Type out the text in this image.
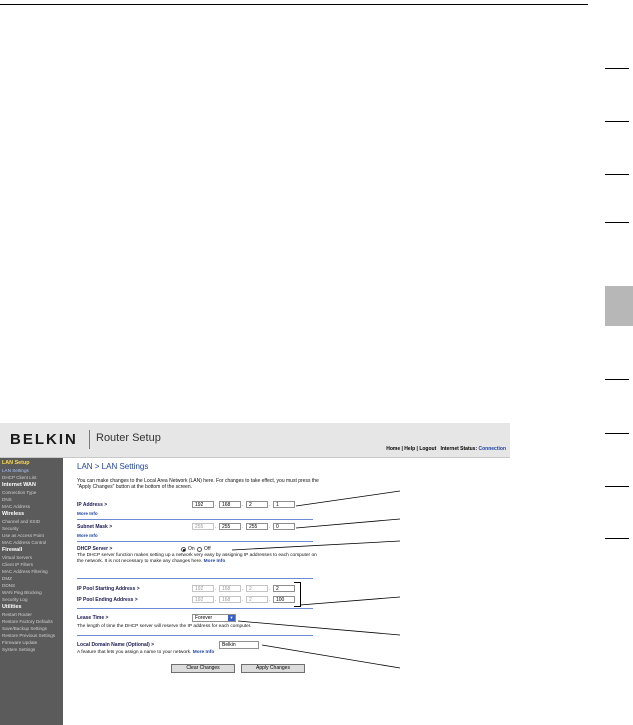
BELKIN Router Setup
Home | Help | Logout Internet Status: Connection
LAN Setup
LAN Settings
DHCP Client List
Internet WAN
Connection Type
DNS
MAC Address
Wireless
Channel and SSID
Security
Use as Access Point
MAC Address Control
Firewall
Virtual Servers
Client IP Filters
MAC Address Filtering
DMZ
DDNS
WAN Ping Blocking
Security Log
Utilities
Restart Router
Restore Factory Defaults
Save/Backup Settings
Restore Previous Settings
Firmware Update
System Settings
LAN > LAN Settings
You can make changes to the Local Area Network (LAN) here. For changes to take effect, you must press the "Apply Changes" button at the bottom of the screen.
IP Address >	192	.	168	.	2	.	1
More Info
Subnet Mask >	255	.	255	.	255	.	0
More Info
DHCP Server >	On Off
The DHCP server function makes setting up a network very easy by assigning IP addresses to each computer on the network. It is not necessary to make any changes here. More Info
IP Pool Starting Address >	192	.	168	.	2	.	2
IP Pool Ending Address >	192	.	168	.	2	.	100
Lease Time >	Forever	▼
The length of time the DHCP server will reserve the IP address for each computer.
Local Domain Name (Optional) >	Belkin
A feature that lets you assign a name to your network. More Info
Clear Changes	Apply Changes
